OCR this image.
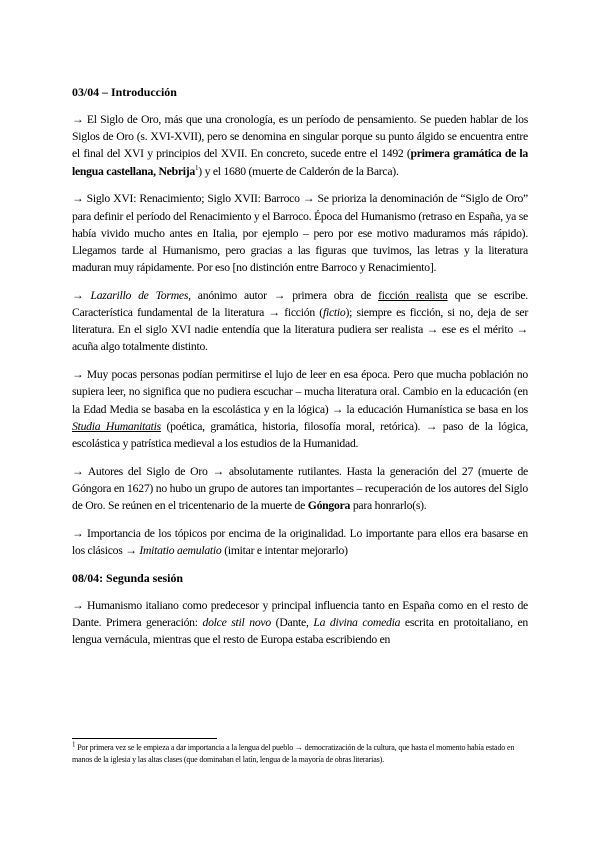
03/04 – Introducción

→ El Siglo de Oro, más que una cronología, es un período de pensamiento. Se pueden hablar de los Siglos de Oro (s. XVI-XVII), pero se denomina en singular porque su punto álgido se encuentra entre el final del XVI y principios del XVII. En concreto, sucede entre el 1492 (primera gramática de la lengua castellana, Nebrija$^1$) y el 1680 (muerte de Calderón de la Barca).

→ Siglo XVI: Renacimiento; Siglo XVII: Barroco → Se prioriza la denominación de “Siglo de Oro” para definir el período del Renacimiento y el Barroco. Época del Humanismo (retraso en España, ya se había vivido mucho antes en Italia, por ejemplo – pero por ese motivo maduramos más rápido). Llegamos tarde al Humanismo, pero gracias a las figuras que tuvimos, las letras y la literatura maduran muy rápidamente. Por eso [no distinción entre Barroco y Renacimiento].

→ Lazarillo de Tormes, anónimo autor → primera obra de ficción realista que se escribe. Característica fundamental de la literatura → ficción (fictio); siempre es ficción, si no, deja de ser literatura. En el siglo XVI nadie entendía que la literatura pudiera ser realista → ese es el mérito → acuña algo totalmente distinto.

→ Muy pocas personas podían permitirse el lujo de leer en esa época. Pero que mucha población no supiera leer, no significa que no pudiera escuchar – mucha literatura oral. Cambio en la educación (en la Edad Media se basaba en la escolástica y en la lógica) → la educación Humanística se basa en los Studia Humanitatis (poética, gramática, historia, filosofía moral, retórica). → paso de la lógica, escolástica y patrística medieval a los estudios de la Humanidad.

→ Autores del Siglo de Oro → absolutamente rutilantes. Hasta la generación del 27 (muerte de Góngora en 1627) no hubo un grupo de autores tan importantes – recuperación de los autores del Siglo de Oro. Se reúnen en el tricentenario de la muerte de Góngora para honrarlo(s).

→ Importancia de los tópicos por encima de la originalidad. Lo importante para ellos era basarse en los clásicos → Imitatio aemulatio (imitar e intentar mejorarlo)

08/04: Segunda sesión

→ Humanismo italiano como predecesor y principal influencia tanto en España como en el resto de Dante. Primera generación: dolce stil novo (Dante, La divina comedia escrita en protoitaliano, en lengua vernácula, mientras que el resto de Europa estaba escribiendo en

1 Por primera vez se le empieza a dar importancia a la lengua del pueblo → democratización de la cultura, que hasta el momento había estado en manos de la iglesia y las altas clases (que dominaban el latín, lengua de la mayoría de obras literarias).
